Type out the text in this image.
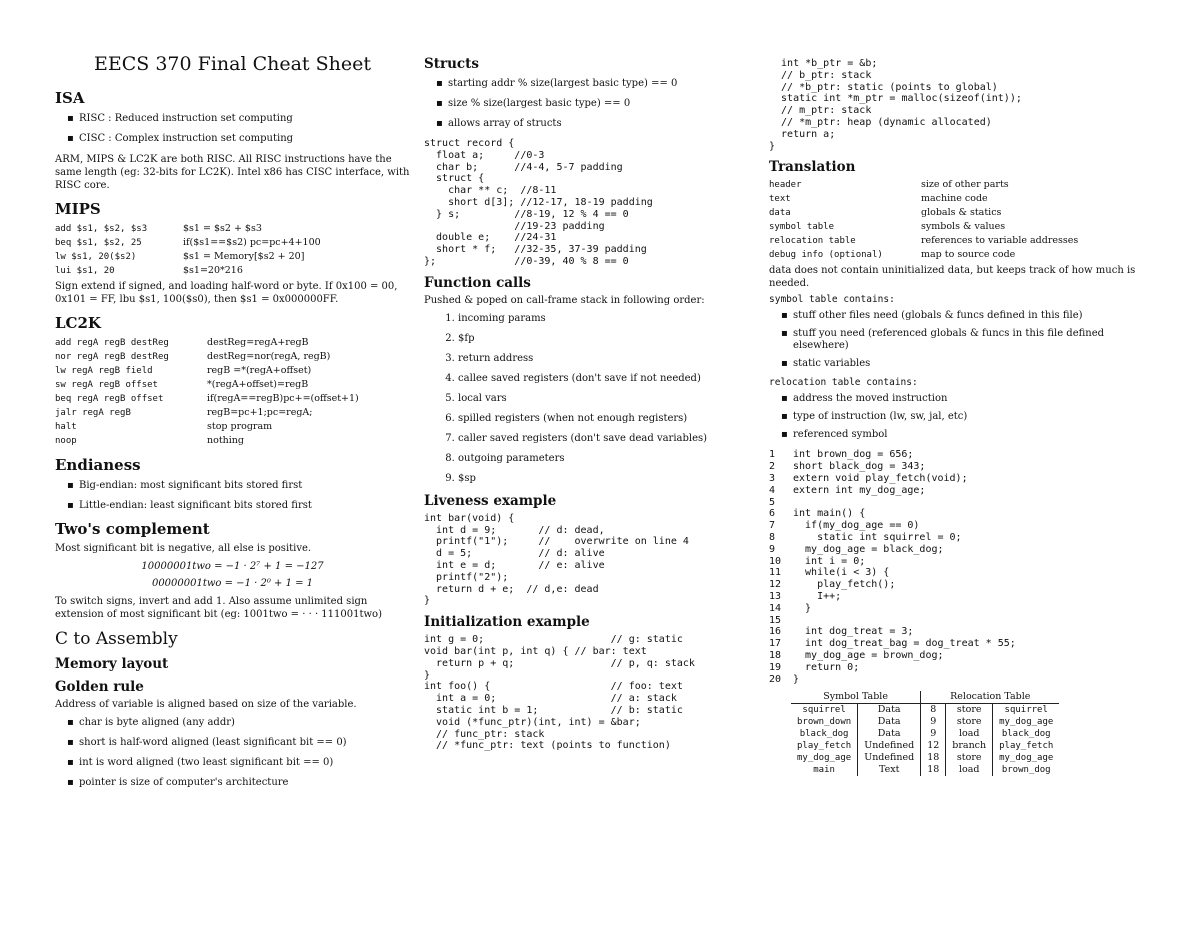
EECS 370 Final Cheat Sheet
ISA
▪ RISC : Reduced instruction set computing
▪ CISC : Complex instruction set computing

ARM, MIPS & LC2K are both RISC. All RISC instructions have the same length (eg: 32-bits for LC2K). Intel x86 has CISC interface, with RISC core.

MIPS
add $s1, $s2, $s3	$s1 = $s2 + $s3
beq $s1, $s2, 25	if($s1==$s2) pc=pc+4+100
lw $s1, 20($s2)	$s1 = Memory[$s2 + 20]
lui $s1, 20	$s1=20*216

Sign extend if signed, and loading half-word or byte. If 0x100 = 00, 0x101 = FF, lbu $s1, 100($s0), then $s1 = 0x000000FF.

LC2K
add regA regB destReg	destReg=regA+regB
nor regA regB destReg	destReg=nor(regA, regB)
lw regA regB field	regB =*(regA+offset)
sw regA regB offset	*(regA+offset)=regB
beq regA regB offset	if(regA==regB)pc+=(offset+1)
jalr regA regB	regB=pc+1;pc=regA;
halt	stop program
noop	nothing
Endianess
▪ Big-endian: most significant bits stored first
▪ Little-endian: least significant bits stored first
Two's complement

Most significant bit is negative, all else is positive.

10000001two = −1 · 2⁷ + 1 = −127
00000001two = −1 · 2⁰ + 1 = 1

To switch signs, invert and add 1. Also assume unlimited sign extension of most significant bit (eg: 1001two = · · · 111001two)

C to Assembly
Memory layout
Golden rule

Address of variable is aligned based on size of the variable.

▪ char is byte aligned (any addr)
▪ short is half-word aligned (least significant bit == 0)
▪ int is word aligned (two least significant bit == 0)
▪ pointer is size of computer's architecture
Structs
▪ starting addr % size(largest basic type) == 0
▪ size % size(largest basic type) == 0
▪ allows array of structs
struct record {
float a;     //0-3
char b;      //4-4, 5-7 padding
struct {
char ** c;  //8-11
short d[3]; //12-17, 18-19 padding
} s;         //8-19, 12 % 4 == 0
//19-23 padding
double e;    //24-31
short * f;   //32-35, 37-39 padding
};             //0-39, 40 % 8 == 0
Function calls

Pushed & poped on call-frame stack in following order:

1. incoming params
2. $fp
3. return address
4. callee saved registers (don't save if not needed)
5. local vars
6. spilled registers (when not enough registers)
7. caller saved registers (don't save dead variables)
8. outgoing parameters
9. $sp
Liveness example
int bar(void) {
int d = 9;       // d: dead,
printf("1");     //    overwrite on line 4
d = 5;           // d: alive
int e = d;       // e: alive
printf("2");
return d + e;  // d,e: dead
}
Initialization example
int g = 0;                     // g: static
void bar(int p, int q) { // bar: text
return p + q;                // p, q: stack
}
int foo() {                    // foo: text
int a = 0;                   // a: stack
static int b = 1;            // b: static
void (*func_ptr)(int, int) = &bar;
// func_ptr: stack
// *func_ptr: text (points to function)
int *b_ptr = &b;
// b_ptr: stack
// *b_ptr: static (points to global)
static int *m_ptr = malloc(sizeof(int));
// m_ptr: stack
// *m_ptr: heap (dynamic allocated)
return a;
}
Translation
header	size of other parts
text	machine code
data	globals & statics
symbol table	symbols & values
relocation table	references to variable addresses
debug info (optional)	map to source code

data does not contain uninitialized data, but keeps track of how much is needed.

symbol table contains:

▪ stuff other files need (globals & funcs defined in this file)
▪ stuff you need (referenced globals & funcs in this file defined elsewhere)
▪ static variables

relocation table contains:

▪ address the moved instruction
▪ type of instruction (lw, sw, jal, etc)
▪ referenced symbol
1 int brown_dog = 656;
2 short black_dog = 343;
3 extern void play_fetch(void);
4 extern int my_dog_age;
5
6 int main() {
7  if(my_dog_age == 0)
8    static int squirrel = 0;
9  my_dog_age = black_dog;
10  int i = 0;
11  while(i < 3) {
12    play_fetch();
13    I++;
14  }
15
16  int dog_treat = 3;
17  int dog_treat_bag = dog_treat * 55;
18  my_dog_age = brown_dog;
19  return 0;
20 }
Symbol Table		Relocation Table		
squirrel	Data	8	store	squirrel
brown_down	Data	9	store	my_dog_age
black_dog	Data	9	load	black_dog
play_fetch	Undefined	12	branch	play_fetch
my_dog_age	Undefined	18	store	my_dog_age
main	Text	18	load	brown_dog
